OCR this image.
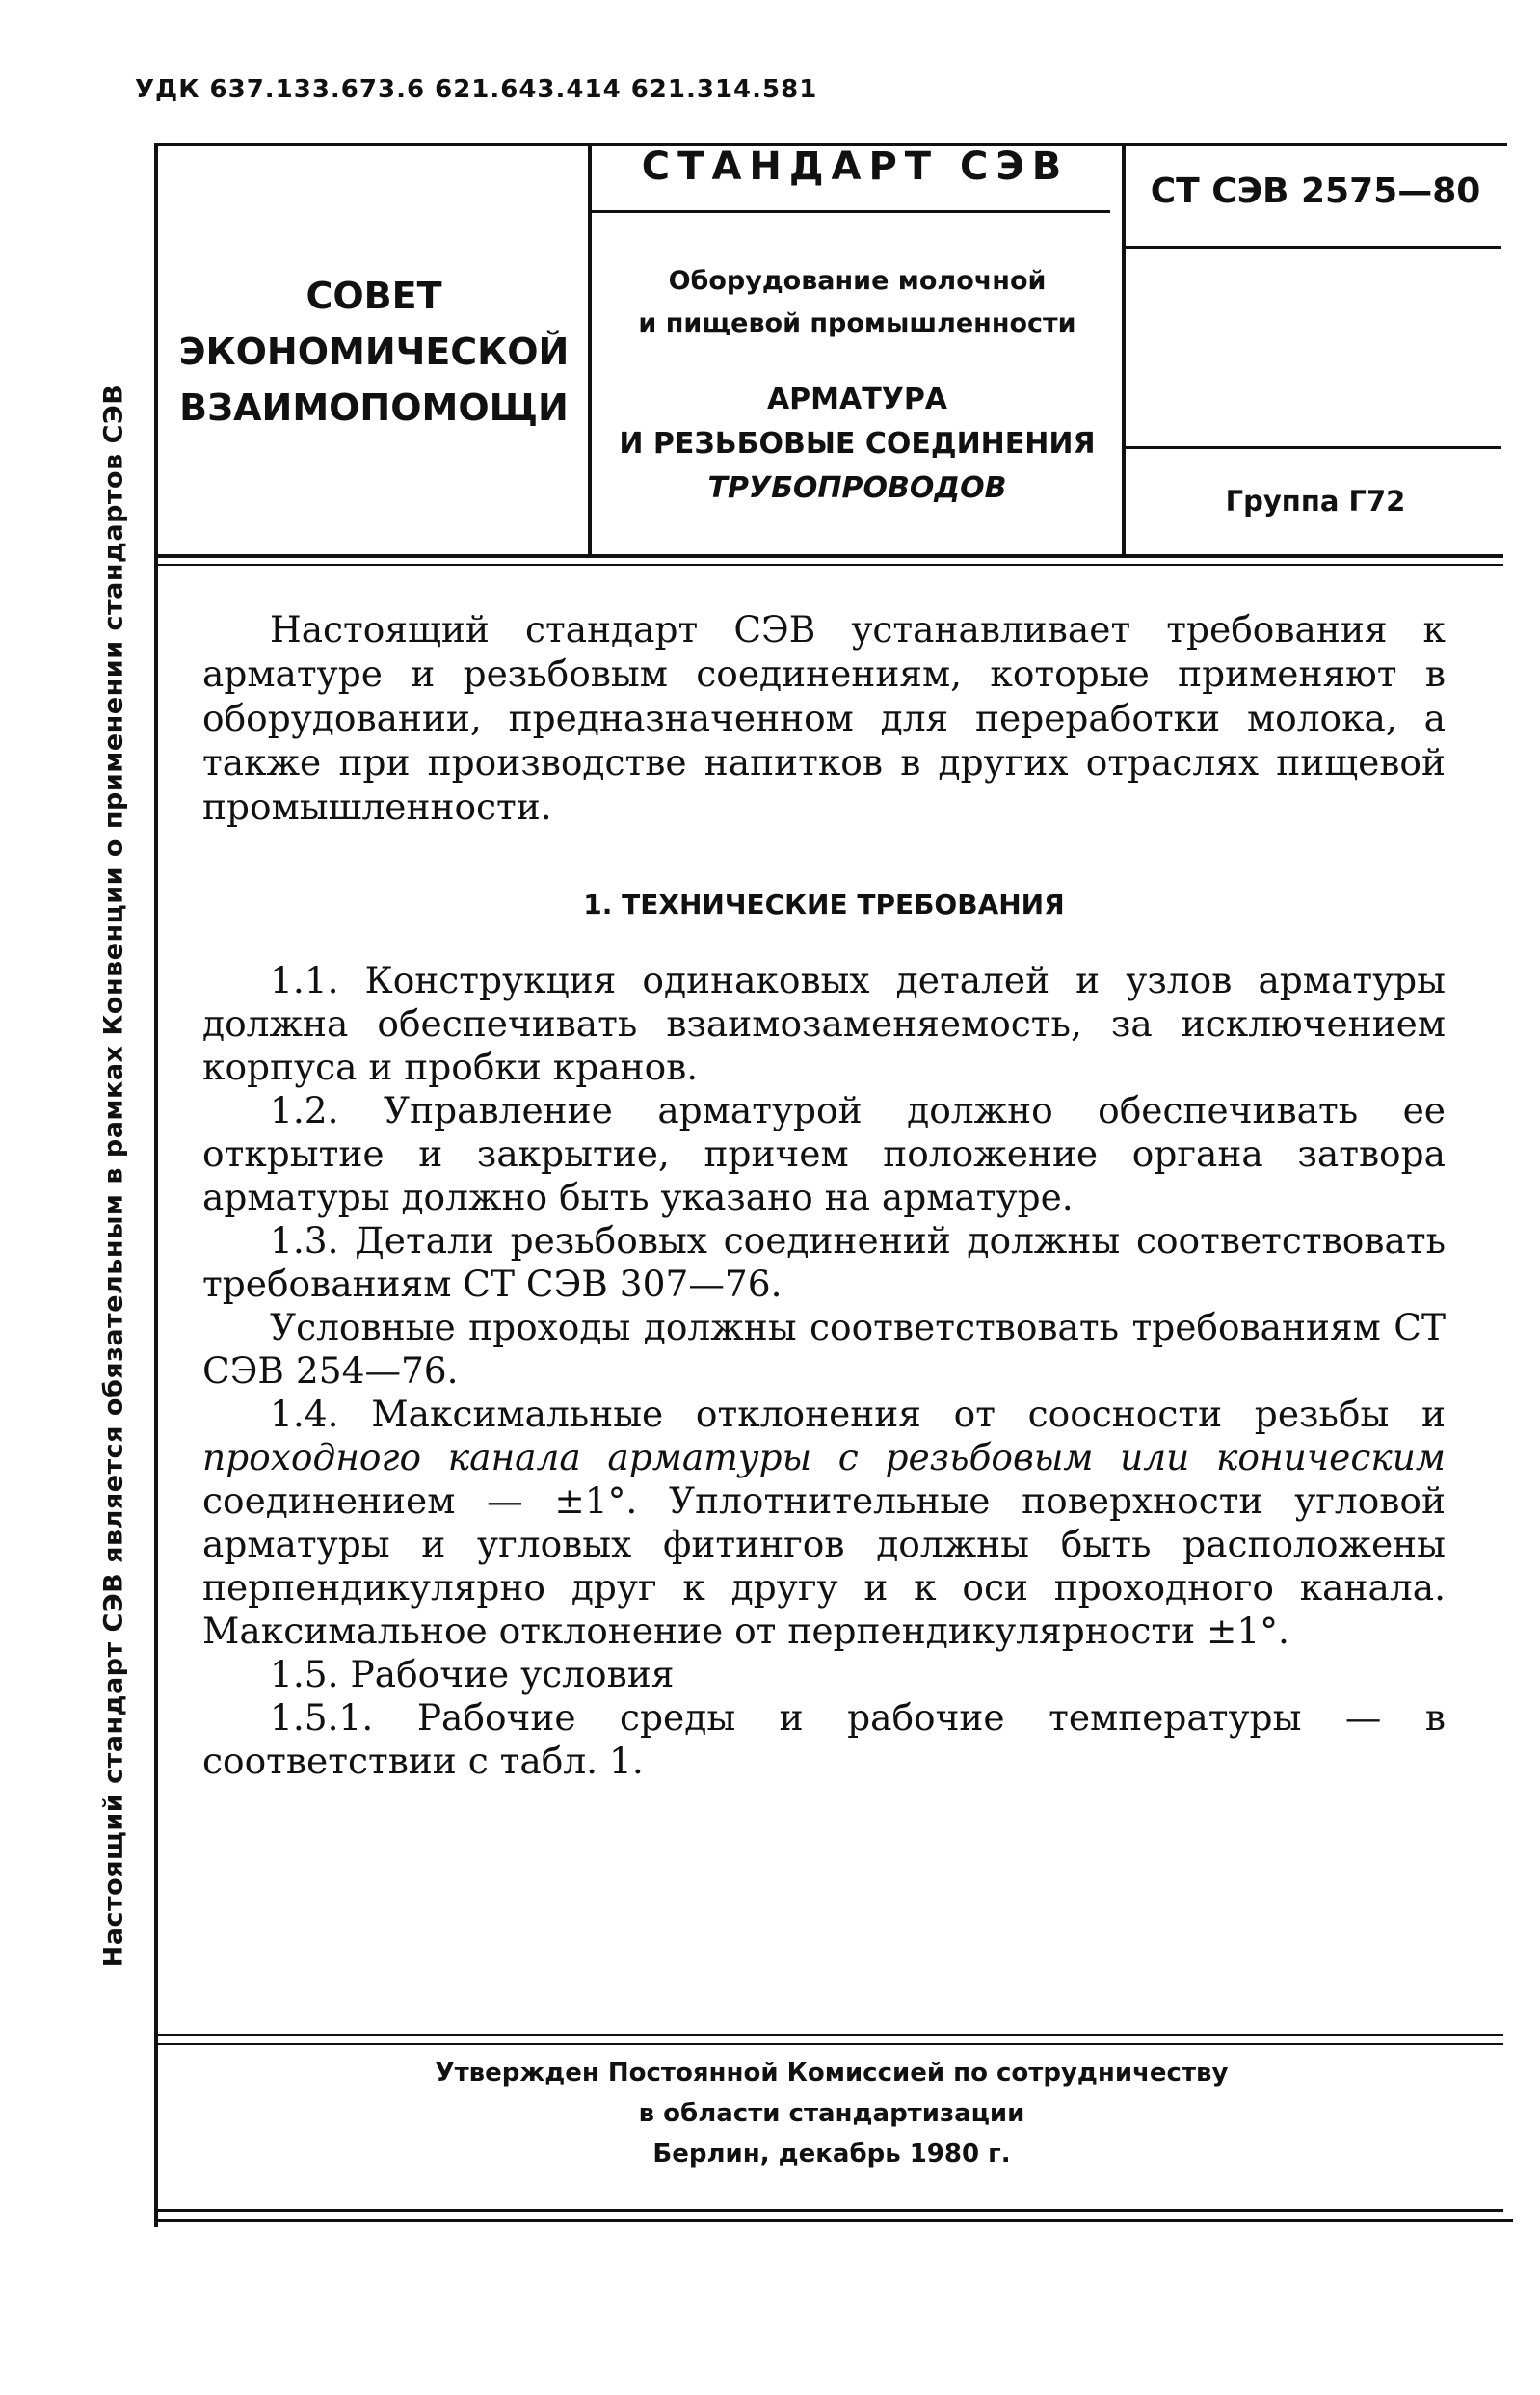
УДК 637.133.673.6 621.643.414 621.314.581
Настоящий стандарт СЭВ является обязательным в рамках Конвенции о применении стандартов СЭВ
СОВЕТ
ЭКОНОМИЧЕСКОЙ
ВЗАИМОПОМОЩИ
СТАНДАРТ СЭВ
Оборудование молочной
и пищевой промышленности
АРМАТУРА
И РЕЗЬБОВЫЕ СОЕДИНЕНИЯ
ТРУБОПРОВОДОВ
СТ СЭВ 2575—80
Группа Г72

Настоящий стандарт СЭВ устанавливает требования к арматуре и резьбовым соединениям, которые применяют в оборудовании, предназначенном для переработки молока, а также при производстве напитков в других отраслях пищевой промышленности.

1. ТЕХНИЧЕСКИЕ ТРЕБОВАНИЯ

1.1. Конструкция одинаковых деталей и узлов арматуры должна обеспечивать взаимозаменяемость, за исключением корпуса и пробки кранов.

1.2. Управление арматурой должно обеспечивать ее открытие и закрытие, причем положение органа затвора арматуры должно быть указано на арматуре.

1.3. Детали резьбовых соединений должны соответствовать требованиям СТ СЭВ 307—76.

Условные проходы должны соответствовать требованиям СТ СЭВ 254—76.

1.4. Максимальные отклонения от соосности резьбы и проходного канала арматуры с резьбовым или коническим соединением — ±1°. Уплотнительные поверхности угловой арматуры и угловых фитингов должны быть расположены перпендикулярно друг к другу и к оси проходного канала. Максимальное отклонение от перпендикулярности ±1°.

1.5. Рабочие условия

1.5.1. Рабочие среды и рабочие температуры — в соответствии с табл. 1.

Утвержден Постоянной Комиссией по сотрудничеству
в области стандартизации
Берлин, декабрь 1980 г.
